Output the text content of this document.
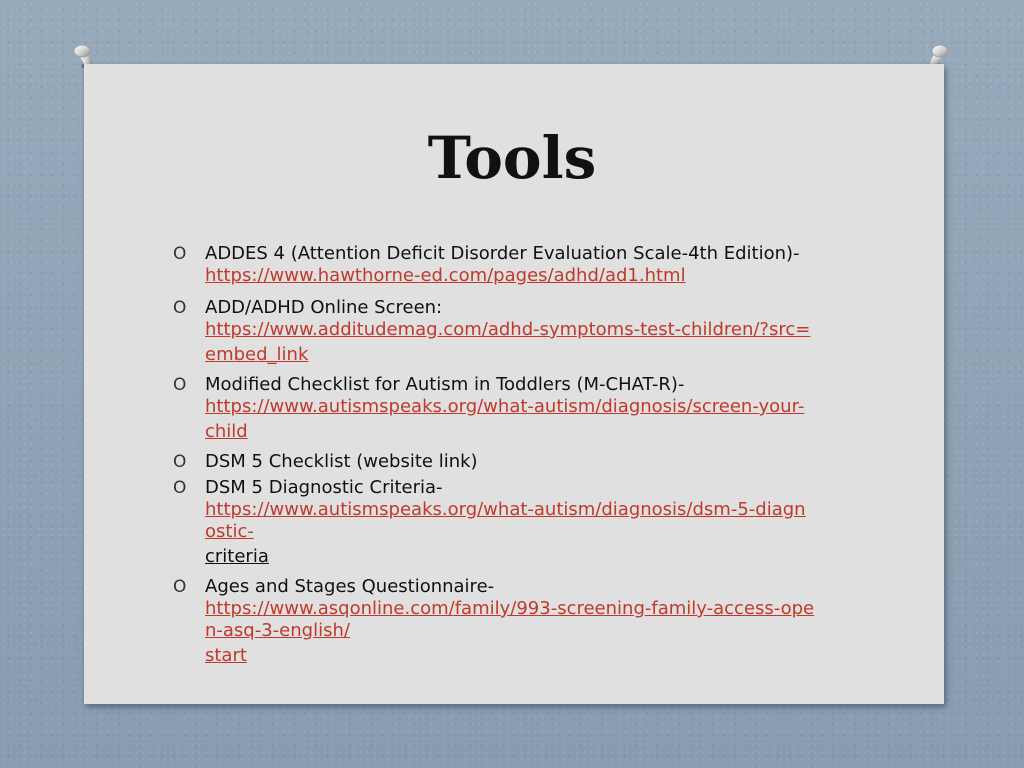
Tools
O ADDES 4 (Attention Deficit Disorder Evaluation Scale-4th Edition)-
https://www.hawthorne-ed.com/pages/adhd/ad1.html
O ADD/ADHD Online Screen:
https://www.additudemag.com/adhd-symptoms-test-children/?src=
embed_link
O Modified Checklist for Autism in Toddlers (M-CHAT-R)-
https://www.autismspeaks.org/what-autism/diagnosis/screen-your-
child
O DSM 5 Checklist (website link)
O DSM 5 Diagnostic Criteria-
https://www.autismspeaks.org/what-autism/diagnosis/dsm-5-diagn
ostic-
criteria
O Ages and Stages Questionnaire-
https://www.asqonline.com/family/993-screening-family-access-ope
n-asq-3-english/
start
